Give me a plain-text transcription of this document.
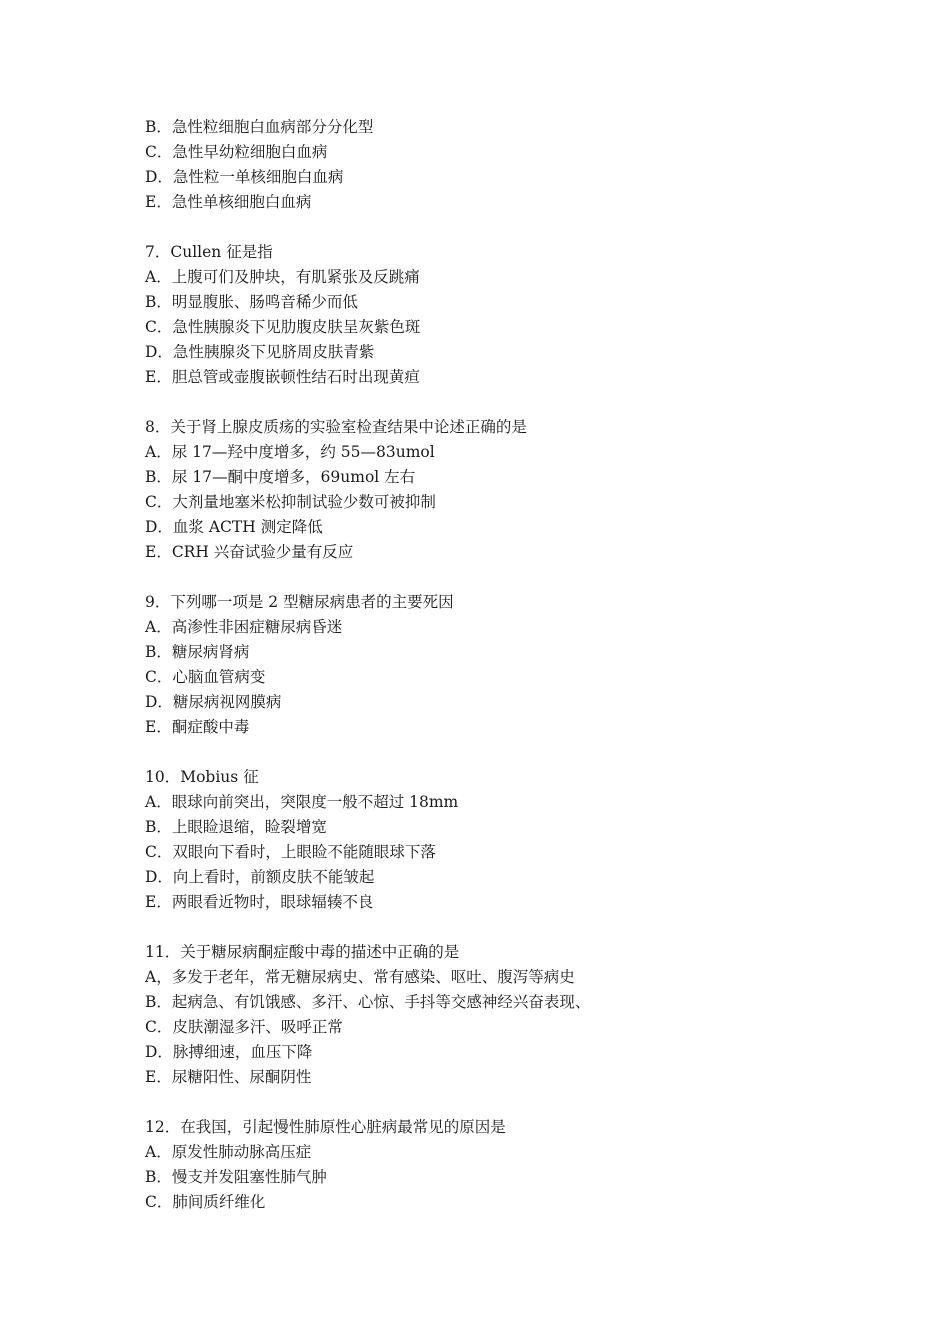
B．急性粒细胞白血病部分分化型
C．急性早幼粒细胞白血病
D．急性粒一单核细胞白血病
E．急性单核细胞白血病
7．Cullen 征是指
A．上腹可们及肿块，有肌紧张及反跳痛
B．明显腹胀、肠鸣音稀少而低
C．急性胰腺炎下见肋腹皮肤呈灰紫色斑
D．急性胰腺炎下见脐周皮肤青紫
E．胆总管或壶腹嵌顿性结石时出现黄疸
8．关于肾上腺皮质疡的实验室检查结果中论述正确的是
A．尿 17—羟中度增多，约 55—83umol
B．尿 17—酮中度增多，69umol 左右
C．大剂量地塞米松抑制试验少数可被抑制
D．血浆 ACTH 测定降低
E．CRH 兴奋试验少量有反应
9．下列哪一项是 2 型糖尿病患者的主要死因
A．高渗性非困症糖尿病昏迷
B．糖尿病肾病
C．心脑血管病变
D．糖尿病视网膜病
E．酮症酸中毒
10．Mobius 征
A．眼球向前突出，突限度一般不超过 18mm
B．上眼睑退缩，睑裂增宽
C．双眼向下看时，上眼睑不能随眼球下落
D．向上看时，前额皮肤不能皱起
E．两眼看近物时，眼球辐辏不良
11．关于糖尿病酮症酸中毒的描述中正确的是
A，多发于老年，常无糖尿病史、常有感染、呕吐、腹泻等病史
B．起病急、有饥饿感、多汗、心惊、手抖等交感神经兴奋表现、
C．皮肤潮湿多汗、吸呼正常
D．脉搏细速，血压下降
E．尿糖阳性、尿酮阴性
12．在我国，引起慢性肺原性心脏病最常见的原因是
A．原发性肺动脉高压症
B．慢支并发阻塞性肺气肿
C．肺间质纤维化
